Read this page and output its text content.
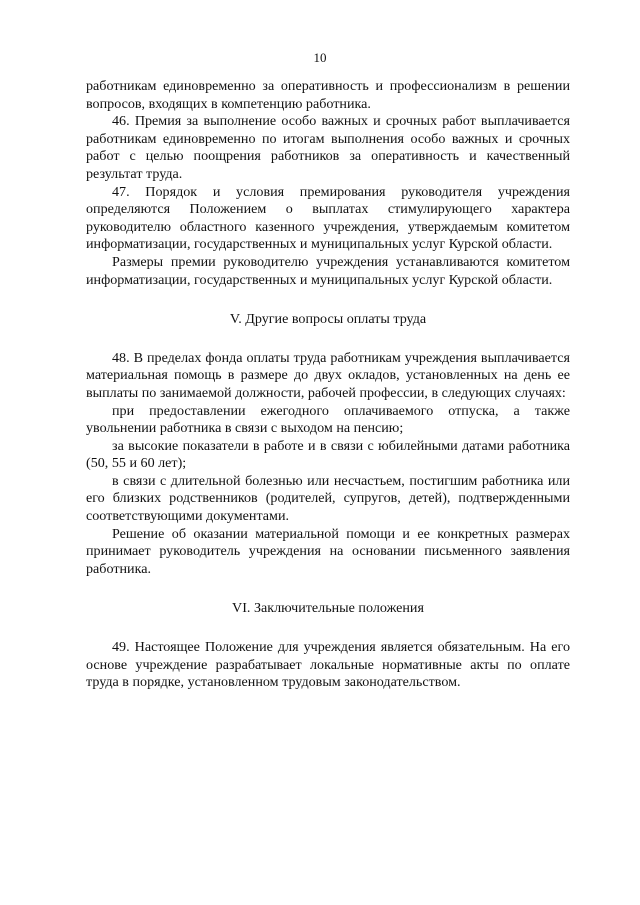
10

работникам единовременно за оперативность и профессионализм в решении вопросов, входящих в компетенцию работника.

46. Премия за выполнение особо важных и срочных работ выплачивается работникам единовременно по итогам выполнения особо важных и срочных работ с целью поощрения работников за оперативность и качественный результат труда.

47. Порядок и условия премирования руководителя учреждения определяются Положением о выплатах стимулирующего характера руководителю областного казенного учреждения, утверждаемым комитетом информатизации, государственных и муниципальных услуг Курской области.

Размеры премии руководителю учреждения устанавливаются комитетом информатизации, государственных и муниципальных услуг Курской области.

V. Другие вопросы оплаты труда

48. В пределах фонда оплаты труда работникам учреждения выплачивается материальная помощь в размере до двух окладов, установленных на день ее выплаты по занимаемой должности, рабочей профессии, в следующих случаях:

при предоставлении ежегодного оплачиваемого отпуска, а также увольнении работника в связи с выходом на пенсию;

за высокие показатели в работе и в связи с юбилейными датами работника (50, 55 и 60 лет);

в связи с длительной болезнью или несчастьем, постигшим работника или его близких родственников (родителей, супругов, детей), подтвержденными соответствующими документами.

Решение об оказании материальной помощи и ее конкретных размерах принимает руководитель учреждения на основании письменного заявления работника.

VI. Заключительные положения

49. Настоящее Положение для учреждения является обязательным. На его основе учреждение разрабатывает локальные нормативные акты по оплате труда в порядке, установленном трудовым законодательством.
